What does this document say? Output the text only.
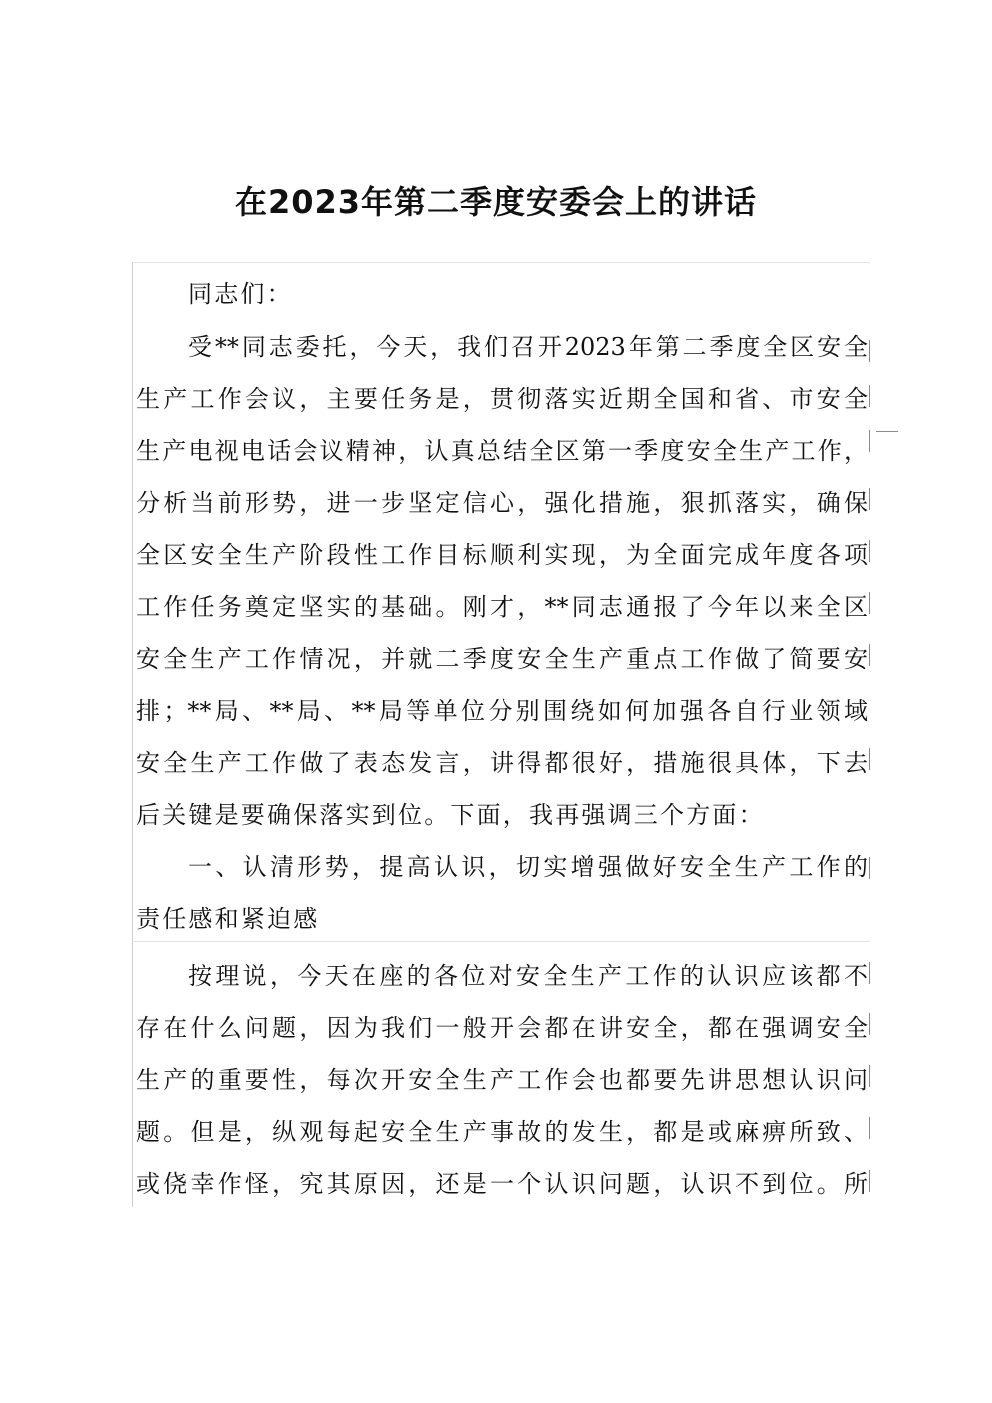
在2023年第二季度安委会上的讲话
同志们：
受**同志委托，今天，我们召开2023年第二季度全区安全
生产工作会议，主要任务是，贯彻落实近期全国和省、市安全
生产电视电话会议精神，认真总结全区第一季度安全生产工作，
分析当前形势，进一步坚定信心，强化措施，狠抓落实，确保
全区安全生产阶段性工作目标顺利实现，为全面完成年度各项
工作任务奠定坚实的基础。刚才，**同志通报了今年以来全区
安全生产工作情况，并就二季度安全生产重点工作做了简要安
排；**局、**局、**局等单位分别围绕如何加强各自行业领域
安全生产工作做了表态发言，讲得都很好，措施很具体，下去
后关键是要确保落实到位。下面，我再强调三个方面：
一、认清形势，提高认识，切实增强做好安全生产工作的
责任感和紧迫感
按理说，今天在座的各位对安全生产工作的认识应该都不
存在什么问题，因为我们一般开会都在讲安全，都在强调安全
生产的重要性，每次开安全生产工作会也都要先讲思想认识问
题。但是，纵观每起安全生产事故的发生，都是或麻痹所致、
或侥幸作怪，究其原因，还是一个认识问题，认识不到位。所
